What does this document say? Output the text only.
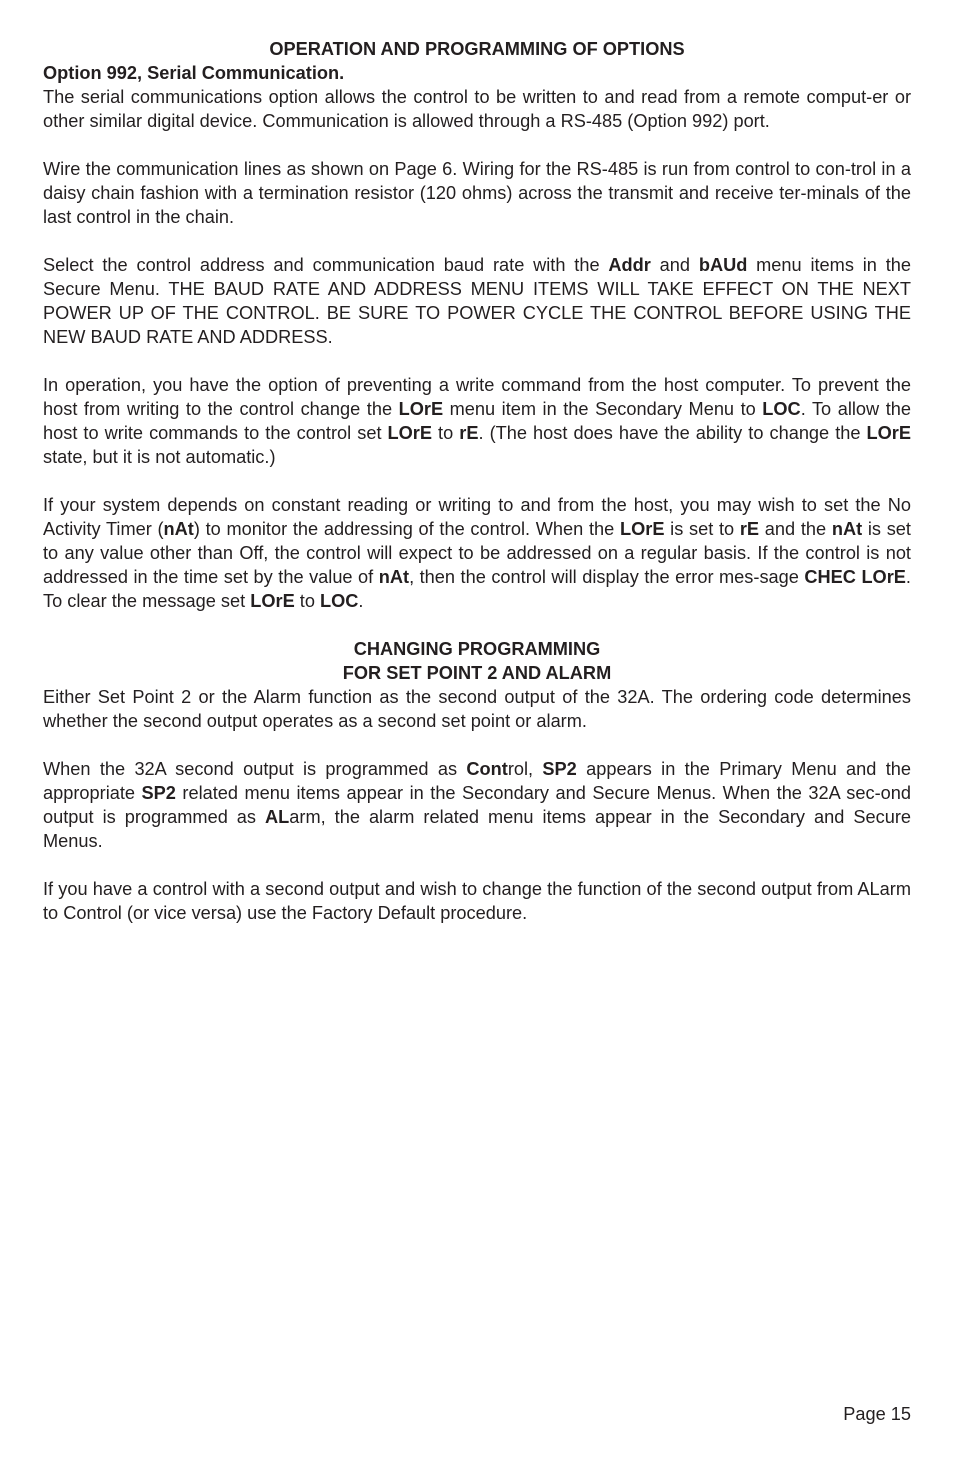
OPERATION AND PROGRAMMING OF OPTIONS
Option 992, Serial Communication.

The serial communications option allows the control to be written to and read from a remote comput-er or other similar digital device. Communication is allowed through a RS-485 (Option 992) port.

Wire the communication lines as shown on Page 6. Wiring for the RS-485 is run from control to con-trol in a daisy chain fashion with a termination resistor (120 ohms) across the transmit and receive ter-minals of the last control in the chain.

Select the control address and communication baud rate with the Addr and bAUd menu items in the Secure Menu. THE BAUD RATE AND ADDRESS MENU ITEMS WILL TAKE EFFECT ON THE NEXT POWER UP OF THE CONTROL. BE SURE TO POWER CYCLE THE CONTROL BEFORE USING THE NEW BAUD RATE AND ADDRESS.

In operation, you have the option of preventing a write command from the host computer. To prevent the host from writing to the control change the LOrE menu item in the Secondary Menu to LOC. To allow the host to write commands to the control set LOrE to rE. (The host does have the ability to change the LOrE state, but it is not automatic.)

If your system depends on constant reading or writing to and from the host, you may wish to set the No Activity Timer (nAt) to monitor the addressing of the control. When the LOrE is set to rE and the nAt is set to any value other than Off, the control will expect to be addressed on a regular basis. If the control is not addressed in the time set by the value of nAt, then the control will display the error mes-sage CHEC LOrE. To clear the message set LOrE to LOC.

CHANGING PROGRAMMING
FOR SET POINT 2 AND ALARM

Either Set Point 2 or the Alarm function as the second output of the 32A. The ordering code determines whether the second output operates as a second set point or alarm.

When the 32A second output is programmed as Control, SP2 appears in the Primary Menu and the appropriate SP2 related menu items appear in the Secondary and Secure Menus. When the 32A sec-ond output is programmed as ALarm, the alarm related menu items appear in the Secondary and Secure Menus.

If you have a control with a second output and wish to change the function of the second output from ALarm to Control (or vice versa) use the Factory Default procedure.

Page 15
